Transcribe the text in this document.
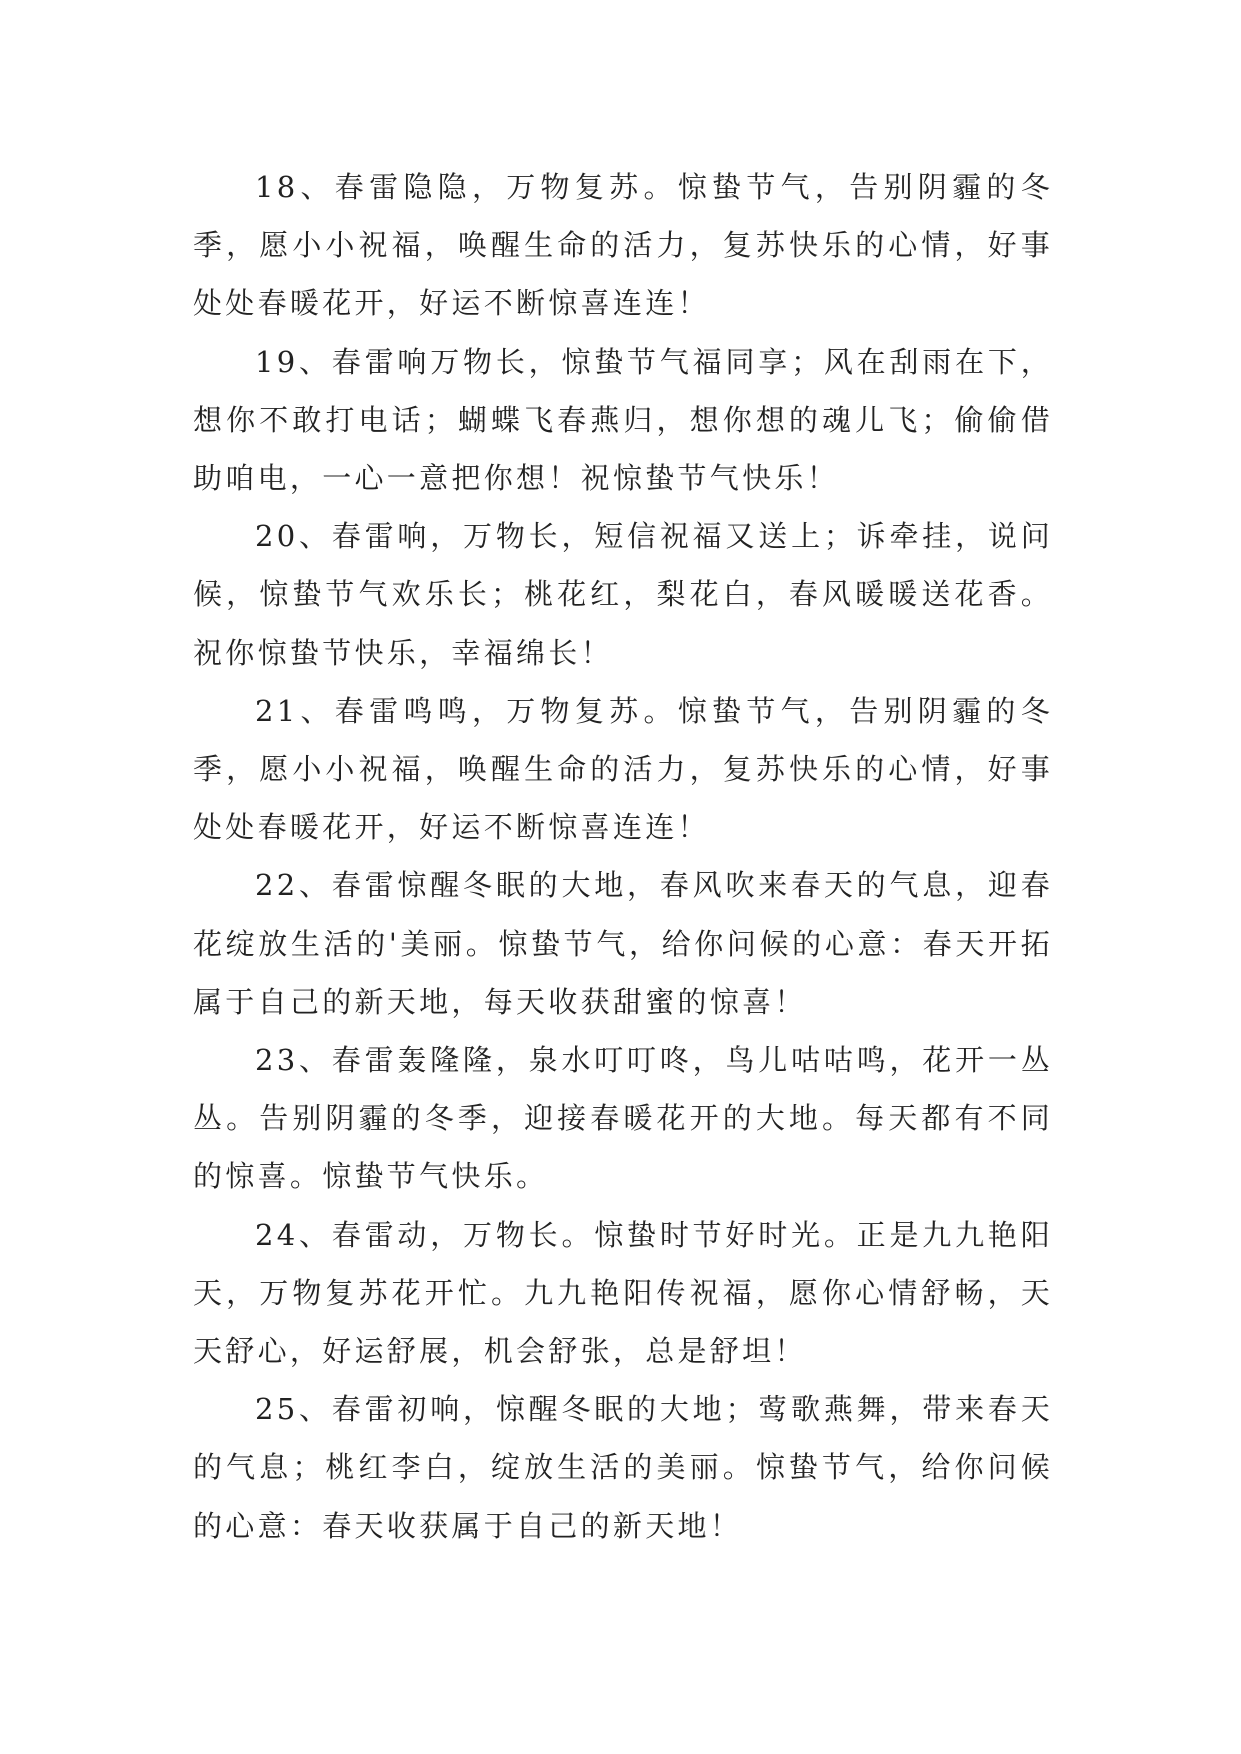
18、春雷隐隐，万物复苏。惊蛰节气，告别阴霾的冬季，愿小小祝福，唤醒生命的活力，复苏快乐的心情，好事处处春暖花开，好运不断惊喜连连！

19、春雷响万物长，惊蛰节气福同享；风在刮雨在下，想你不敢打电话；蝴蝶飞春燕归，想你想的魂儿飞；偷偷借助咱电，一心一意把你想！祝惊蛰节气快乐！

20、春雷响，万物长，短信祝福又送上；诉牵挂，说问候，惊蛰节气欢乐长；桃花红，梨花白，春风暖暖送花香。祝你惊蛰节快乐，幸福绵长！

21、春雷鸣鸣，万物复苏。惊蛰节气，告别阴霾的冬季，愿小小祝福，唤醒生命的活力，复苏快乐的心情，好事处处春暖花开，好运不断惊喜连连！

22、春雷惊醒冬眠的大地，春风吹来春天的气息，迎春花绽放生活的'美丽。惊蛰节气，给你问候的心意：春天开拓属于自己的新天地，每天收获甜蜜的惊喜！

23、春雷轰隆隆，泉水叮叮咚，鸟儿咕咕鸣，花开一丛丛。告别阴霾的冬季，迎接春暖花开的大地。每天都有不同的惊喜。惊蛰节气快乐。

24、春雷动，万物长。惊蛰时节好时光。正是九九艳阳天，万物复苏花开忙。九九艳阳传祝福，愿你心情舒畅，天天舒心，好运舒展，机会舒张，总是舒坦！

25、春雷初响，惊醒冬眠的大地；莺歌燕舞，带来春天的气息；桃红李白，绽放生活的美丽。惊蛰节气，给你问候的心意：春天收获属于自己的新天地！
